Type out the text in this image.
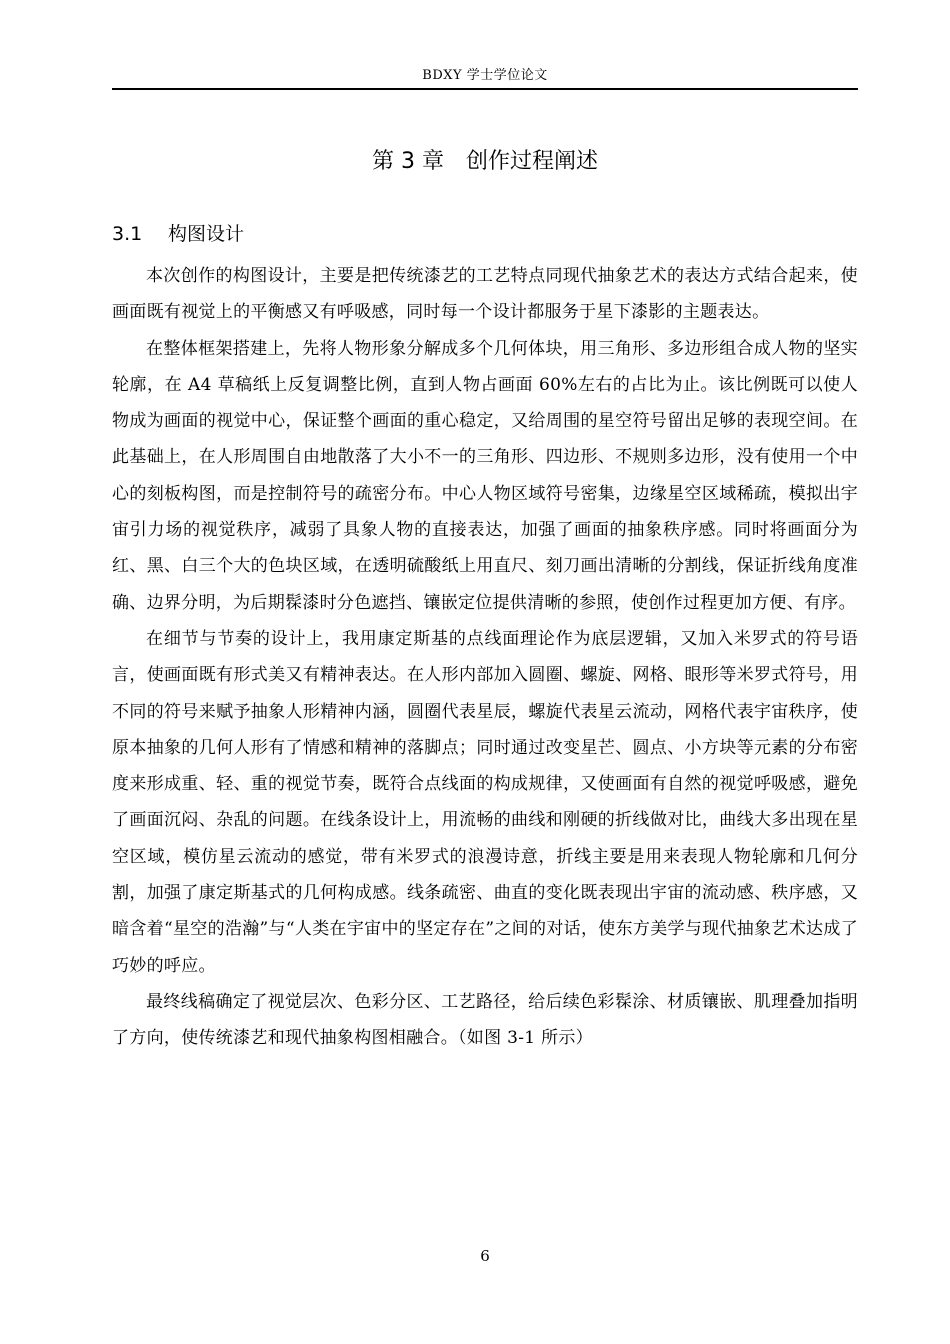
BDXY 学士学位论文
第 3 章 创作过程阐述
3.1 构图设计

本次创作的构图设计，主要是把传统漆艺的工艺特点同现代抽象艺术的表达方式结合起来，使画面既有视觉上的平衡感又有呼吸感，同时每一个设计都服务于星下漆影的主题表达。

在整体框架搭建上，先将人物形象分解成多个几何体块，用三角形、多边形组合成人物的坚实轮廓，在 A4 草稿纸上反复调整比例，直到人物占画面 60%左右的占比为止。该比例既可以使人物成为画面的视觉中心，保证整个画面的重心稳定，又给周围的星空符号留出足够的表现空间。在此基础上，在人形周围自由地散落了大小不一的三角形、四边形、不规则多边形，没有使用一个中心的刻板构图，而是控制符号的疏密分布。中心人物区域符号密集，边缘星空区域稀疏，模拟出宇宙引力场的视觉秩序，减弱了具象人物的直接表达，加强了画面的抽象秩序感。同时将画面分为红、黑、白三个大的色块区域，在透明硫酸纸上用直尺、刻刀画出清晰的分割线，保证折线角度准确、边界分明，为后期髹漆时分色遮挡、镶嵌定位提供清晰的参照，使创作过程更加方便、有序。

在细节与节奏的设计上，我用康定斯基的点线面理论作为底层逻辑，又加入米罗式的符号语言，使画面既有形式美又有精神表达。在人形内部加入圆圈、螺旋、网格、眼形等米罗式符号，用不同的符号来赋予抽象人形精神内涵，圆圈代表星辰，螺旋代表星云流动，网格代表宇宙秩序，使原本抽象的几何人形有了情感和精神的落脚点；同时通过改变星芒、圆点、小方块等元素的分布密度来形成重、轻、重的视觉节奏，既符合点线面的构成规律，又使画面有自然的视觉呼吸感，避免了画面沉闷、杂乱的问题。在线条设计上，用流畅的曲线和刚硬的折线做对比，曲线大多出现在星空区域，模仿星云流动的感觉，带有米罗式的浪漫诗意，折线主要是用来表现人物轮廓和几何分割，加强了康定斯基式的几何构成感。线条疏密、曲直的变化既表现出宇宙的流动感、秩序感，又暗含着“星空的浩瀚”与“人类在宇宙中的坚定存在”之间的对话，使东方美学与现代抽象艺术达成了巧妙的呼应。

最终线稿确定了视觉层次、色彩分区、工艺路径，给后续色彩髹涂、材质镶嵌、肌理叠加指明了方向，使传统漆艺和现代抽象构图相融合。（如图 3-1 所示）

6
